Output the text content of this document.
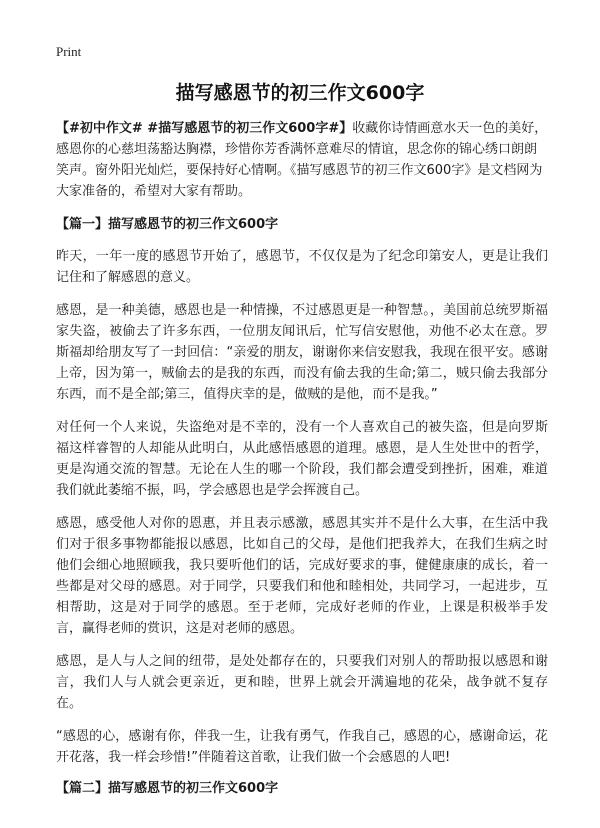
Print
描写感恩节的初三作文600字

【#初中作文# #描写感恩节的初三作文600字#】收藏你诗情画意水天一色的美好，感恩你的心慈坦荡豁达胸襟，珍惜你芳香满怀意难尽的情谊，思念你的锦心绣口朗朗笑声。窗外阳光灿烂，要保持好心情啊。《描写感恩节的初三作文600字》是文档网为大家准备的，希望对大家有帮助。

【篇一】描写感恩节的初三作文600字

昨天，一年一度的感恩节开始了，感恩节，不仅仅是为了纪念印第安人，更是让我们记住和了解感恩的意义。

感恩，是一种美德，感恩也是一种情操，不过感恩更是一种智慧。，美国前总统罗斯福家失盗，被偷去了许多东西，一位朋友闻讯后，忙写信安慰他，劝他不必太在意。罗斯福却给朋友写了一封回信：“亲爱的朋友，谢谢你来信安慰我，我现在很平安。感谢上帝，因为第一，贼偷去的是我的东西，而没有偷去我的生命;第二，贼只偷去我部分东西，而不是全部;第三，值得庆幸的是，做贼的是他，而不是我。”

对任何一个人来说，失盗绝对是不幸的，没有一个人喜欢自己的被失盗，但是向罗斯福这样睿智的人却能从此明白，从此感悟感恩的道理。感恩，是人生处世中的哲学，更是沟通交流的智慧。无论在人生的哪一个阶段，我们都会遭受到挫折，困难，难道我们就此萎缩不振，吗，学会感恩也是学会挥渡自己。

感恩，感受他人对你的恩惠，并且表示感激，感恩其实并不是什么大事，在生活中我们对于很多事物都能报以感恩，比如自己的父母，是他们把我养大，在我们生病之时他们会细心地照顾我，我只要听他们的话，完成好要求的事，健健康康的成长，着一些都是对父母的感恩。对于同学，只要我们和他和睦相处，共同学习，一起进步，互相帮助，这是对于同学的感恩。至于老师，完成好老师的作业，上课是积极举手发言，赢得老师的赏识，这是对老师的感恩。

感恩，是人与人之间的纽带，是处处都存在的，只要我们对别人的帮助报以感恩和谢言，我们人与人就会更亲近，更和睦，世界上就会开满遍地的花朵，战争就不复存在。

“感恩的心，感谢有你，伴我一生，让我有勇气，作我自己，感恩的心，感谢命运，花开花落，我一样会珍惜!”伴随着这首歌，让我们做一个会感恩的人吧!

【篇二】描写感恩节的初三作文600字
